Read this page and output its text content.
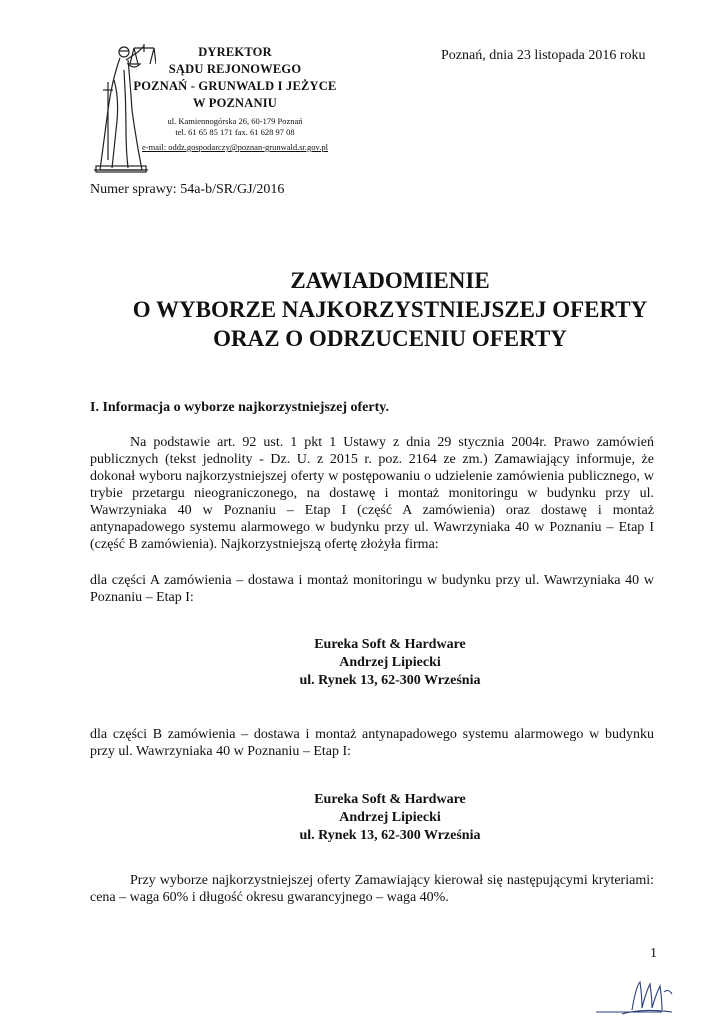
DYREKTOR
SĄDU REJONOWEGO
POZNAŃ - GRUNWALD I JEŻYCE
W POZNANIU
ul. Kamiennogórska 26, 60-179 Poznań
tel. 61 65 85 171 fax. 61 628 97 08
e-mail: oddz.gospodarczy@poznan-grunwald.sr.gov.pl
Poznań, dnia 23 listopada 2016 roku
Numer sprawy: 54a-b/SR/GJ/2016
ZAWIADOMIENIE
O WYBORZE NAJKORZYSTNIEJSZEJ OFERTY
ORAZ O ODRZUCENIU OFERTY
I. Informacja o wyborze najkorzystniejszej oferty.
Na podstawie art. 92 ust. 1 pkt 1 Ustawy z dnia 29 stycznia 2004r. Prawo zamówień publicznych (tekst jednolity - Dz. U. z 2015 r. poz. 2164 ze zm.) Zamawiający informuje, że dokonał wyboru najkorzystniejszej oferty w postępowaniu o udzielenie zamówienia publicznego, w trybie przetargu nieograniczonego, na dostawę i montaż monitoringu w budynku przy ul. Wawrzyniaka 40 w Poznaniu – Etap I (część A zamówienia) oraz dostawę i montaż antynapadowego systemu alarmowego w budynku przy ul. Wawrzyniaka 40 w Poznaniu – Etap I (część B zamówienia). Najkorzystniejszą ofertę złożyła firma:
dla części A zamówienia – dostawa i montaż monitoringu w budynku przy ul. Wawrzyniaka 40 w Poznaniu – Etap I:
Eureka Soft & Hardware
Andrzej Lipiecki
ul. Rynek 13, 62-300 Września
dla części B zamówienia – dostawa i montaż antynapadowego systemu alarmowego w budynku przy ul. Wawrzyniaka 40 w Poznaniu – Etap I:
Eureka Soft & Hardware
Andrzej Lipiecki
ul. Rynek 13, 62-300 Września
Przy wyborze najkorzystniejszej oferty Zamawiający kierował się następującymi kryteriami: cena – waga 60% i długość okresu gwarancyjnego – waga 40%.
1
